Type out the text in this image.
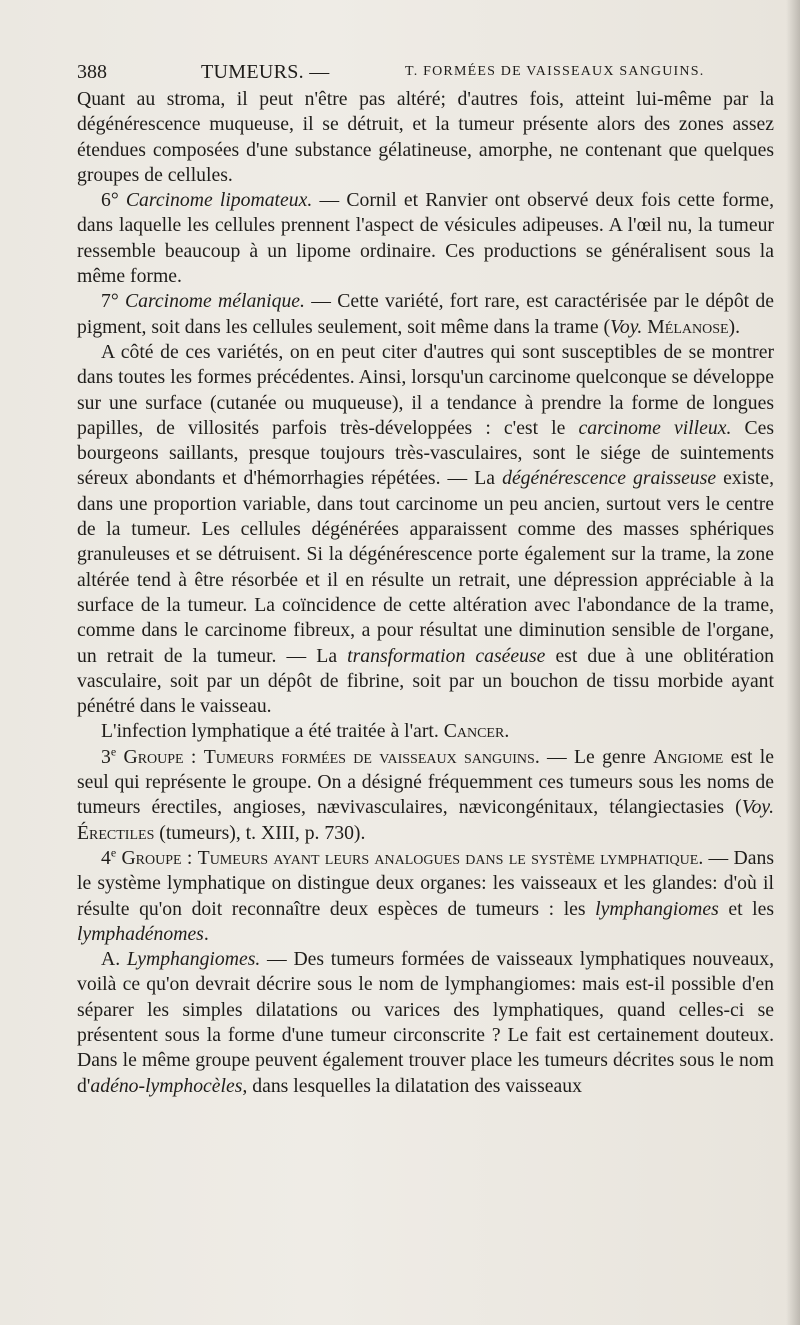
388	TUMEURS. —	T. FORMÉES DE VAISSEAUX SANGUINS.

Quant au stroma, il peut n'être pas altéré; d'autres fois, atteint lui-même par la dégénérescence muqueuse, il se détruit, et la tumeur présente alors des zones assez étendues composées d'une substance gélatineuse, amorphe, ne contenant que quelques groupes de cellules.

6° Carcinome lipomateux. — Cornil et Ranvier ont observé deux fois cette forme, dans laquelle les cellules prennent l'aspect de vésicules adipeuses. A l'œil nu, la tumeur ressemble beaucoup à un lipome ordinaire. Ces productions se généralisent sous la même forme.

7° Carcinome mélanique. — Cette variété, fort rare, est caractérisée par le dépôt de pigment, soit dans les cellules seulement, soit même dans la trame (Voy. Mélanose).

A côté de ces variétés, on en peut citer d'autres qui sont susceptibles de se montrer dans toutes les formes précédentes. Ainsi, lorsqu'un carcinome quelconque se développe sur une surface (cutanée ou muqueuse), il a tendance à prendre la forme de longues papilles, de villosités parfois très-développées : c'est le carcinome villeux. Ces bourgeons saillants, presque toujours très-vasculaires, sont le siége de suintements séreux abondants et d'hémorrhagies répétées. — La dégénérescence graisseuse existe, dans une proportion variable, dans tout carcinome un peu ancien, surtout vers le centre de la tumeur. Les cellules dégénérées apparaissent comme des masses sphériques granuleuses et se détruisent. Si la dégénérescence porte également sur la trame, la zone altérée tend à être résorbée et il en résulte un retrait, une dépression appréciable à la surface de la tumeur. La coïncidence de cette altération avec l'abondance de la trame, comme dans le carcinome fibreux, a pour résultat une diminution sensible de l'organe, un retrait de la tumeur. — La transformation caséeuse est due à une oblitération vasculaire, soit par un dépôt de fibrine, soit par un bouchon de tissu morbide ayant pénétré dans le vaisseau.

L'infection lymphatique a été traitée à l'art. Cancer.

3e Groupe : Tumeurs formées de vaisseaux sanguins. — Le genre Angiome est le seul qui représente le groupe. On a désigné fréquemment ces tumeurs sous les noms de tumeurs érectiles, angioses, nævivasculaires, nævicongénitaux, télangiectasies (Voy. Érectiles (tumeurs), t. XIII, p. 730).

4e Groupe : Tumeurs ayant leurs analogues dans le système lymphatique. — Dans le système lymphatique on distingue deux organes: les vaisseaux et les glandes: d'où il résulte qu'on doit reconnaître deux espèces de tumeurs : les lymphangiomes et les lymphadénomes.

A. Lymphangiomes. — Des tumeurs formées de vaisseaux lymphatiques nouveaux, voilà ce qu'on devrait décrire sous le nom de lymphangiomes: mais est-il possible d'en séparer les simples dilatations ou varices des lymphatiques, quand celles-ci se présentent sous la forme d'une tumeur circonscrite ? Le fait est certainement douteux. Dans le même groupe peuvent également trouver place les tumeurs décrites sous le nom d'adéno-lymphocèles, dans lesquelles la dilatation des vaisseaux
